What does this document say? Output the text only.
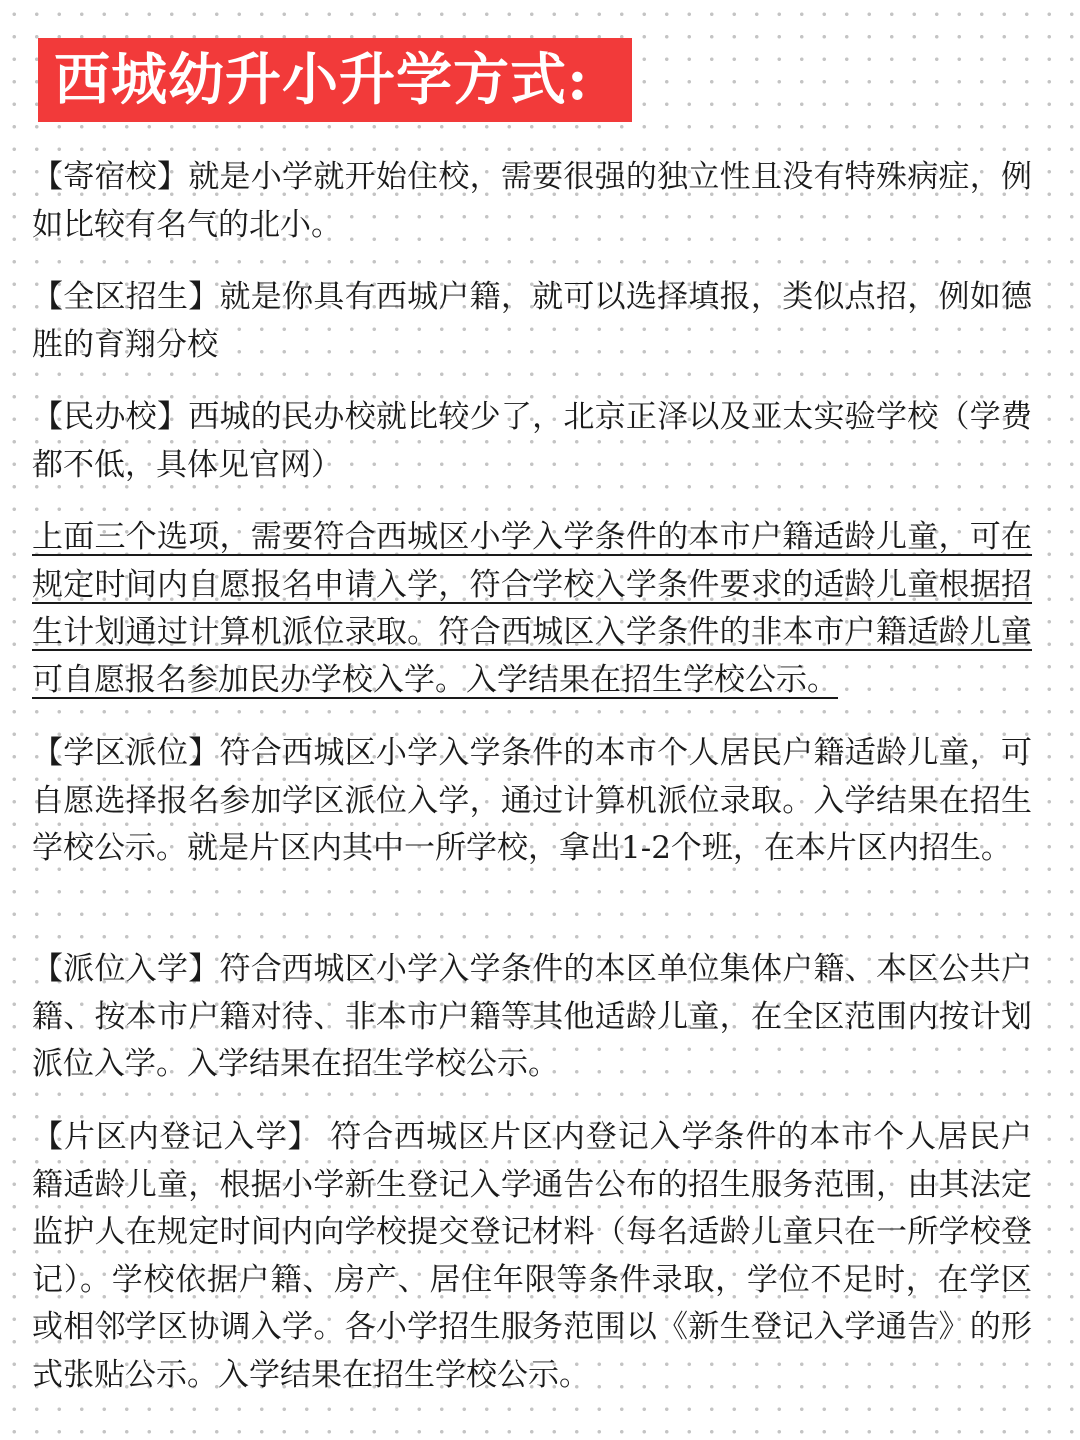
西城幼升小升学方式:

【寄宿校】就是小学就开始住校，需要很强的独立性且没有特殊病症，例如比较有名气的北小。

【全区招生】就是你具有西城户籍，就可以选择填报，类似点招，例如德胜的育翔分校

【民办校】西城的民办校就比较少了，北京正泽以及亚太实验学校（学费都不低，具体见官网）

上面三个选项，需要符合西城区小学入学条件的本市户籍适龄儿童，可在规定时间内自愿报名申请入学，符合学校入学条件要求的适龄儿童根据招生计划通过计算机派位录取。符合西城区入学条件的非本市户籍适龄儿童可自愿报名参加民办学校入学。入学结果在招生学校公示。

【学区派位】符合西城区小学入学条件的本市个人居民户籍适龄儿童，可自愿选择报名参加学区派位入学，通过计算机派位录取。入学结果在招生学校公示。就是片区内其中一所学校，拿出1-2个班，在本片区内招生。

【派位入学】符合西城区小学入学条件的本区单位集体户籍、本区公共户籍、按本市户籍对待、非本市户籍等其他适龄儿童，在全区范围内按计划派位入学。入学结果在招生学校公示。

【片区内登记入学】 符合西城区片区内登记入学条件的本市个人居民户籍适龄儿童，根据小学新生登记入学通告公布的招生服务范围，由其法定监护人在规定时间内向学校提交登记材料（每名适龄儿童只在一所学校登记）。学校依据户籍、房产、居住年限等条件录取，学位不足时，在学区或相邻学区协调入学。各小学招生服务范围以《新生登记入学通告》的形式张贴公示。入学结果在招生学校公示。
